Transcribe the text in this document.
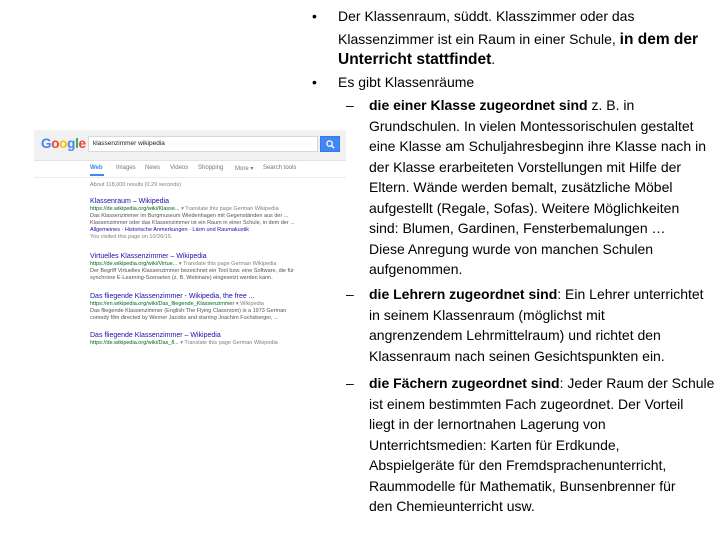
Google	klassenzimmer wikipedia
Web Images News Videos Shopping More ▾ Search tools
About 118,000 results (0.29 seconds)
Klassenraum – Wikipedia
https://de.wikipedia.org/wiki/Klasse... ▾ Translate this page German Wikipedia
Das Klassenzimmer im Burgmuseum Wiedenhagen mit Gegenständen aus der ...
Klassenzimmer oder das Klassenzimmer ist ein Raum in einer Schule, in dem der ...
Allgemeines · Historische Anmerkungen · Lärm und Raumakustik
You visited this page on 10/26/15.
Virtuelles Klassenzimmer – Wikipedia
https://de.wikipedia.org/wiki/Virtue... ▾ Translate this page German Wikipedia
Der Begriff Virtuelles Klassenzimmer bezeichnet ein Tool bzw. eine Software, die für
synchrone E-Learning-Szenarien (z. B. Webinare) eingesetzt werden kann.
Das fliegende Klassenzimmer - Wikipedia, the free ...
https://en.wikipedia.org/wiki/Das_fliegende_Klassenzimmer ▾ Wikipedia
Das fliegende Klassenzimmer (English:The Flying Classroom) is a 1973 German
comedy film directed by Werner Jacobs and starring Joachim Fuchsberger, ...
Das fliegende Klassenzimmer – Wikipedia
https://de.wikipedia.org/wiki/Das_fl... ▾ Translate this page German Wikipedia
• Der Klassenraum, süddt. Klasszimmer oder das
Klassenzimmer ist ein Raum in einer Schule, in dem der
Unterricht stattfindet.
• Es gibt Klassenräume
– die einer Klasse zugeordnet sind z. B. in
Grundschulen. In vielen Montessorischulen gestaltet
eine Klasse am Schuljahresbeginn ihre Klasse nach in
der Klasse erarbeiteten Vorstellungen mit Hilfe der
Eltern. Wände werden bemalt, zusätzliche Möbel
aufgestellt (Regale, Sofas). Weitere Möglichkeiten
sind: Blumen, Gardinen, Fensterbemalungen …
Diese Anregung wurde von manchen Schulen
aufgenommen.
– die Lehrern zugeordnet sind: Ein Lehrer unterrichtet
in seinem Klassenraum (möglichst mit
angrenzendem Lehrmittelraum) und richtet den
Klassenraum nach seinen Gesichtspunkten ein.
– die Fächern zugeordnet sind: Jeder Raum der Schule
ist einem bestimmten Fach zugeordnet. Der Vorteil
liegt in der lernortnahen Lagerung von
Unterrichtsmedien: Karten für Erdkunde,
Abspielgeräte für den Fremdsprachenunterricht,
Raummodelle für Mathematik, Bunsenbrenner für
den Chemieunterricht usw.
